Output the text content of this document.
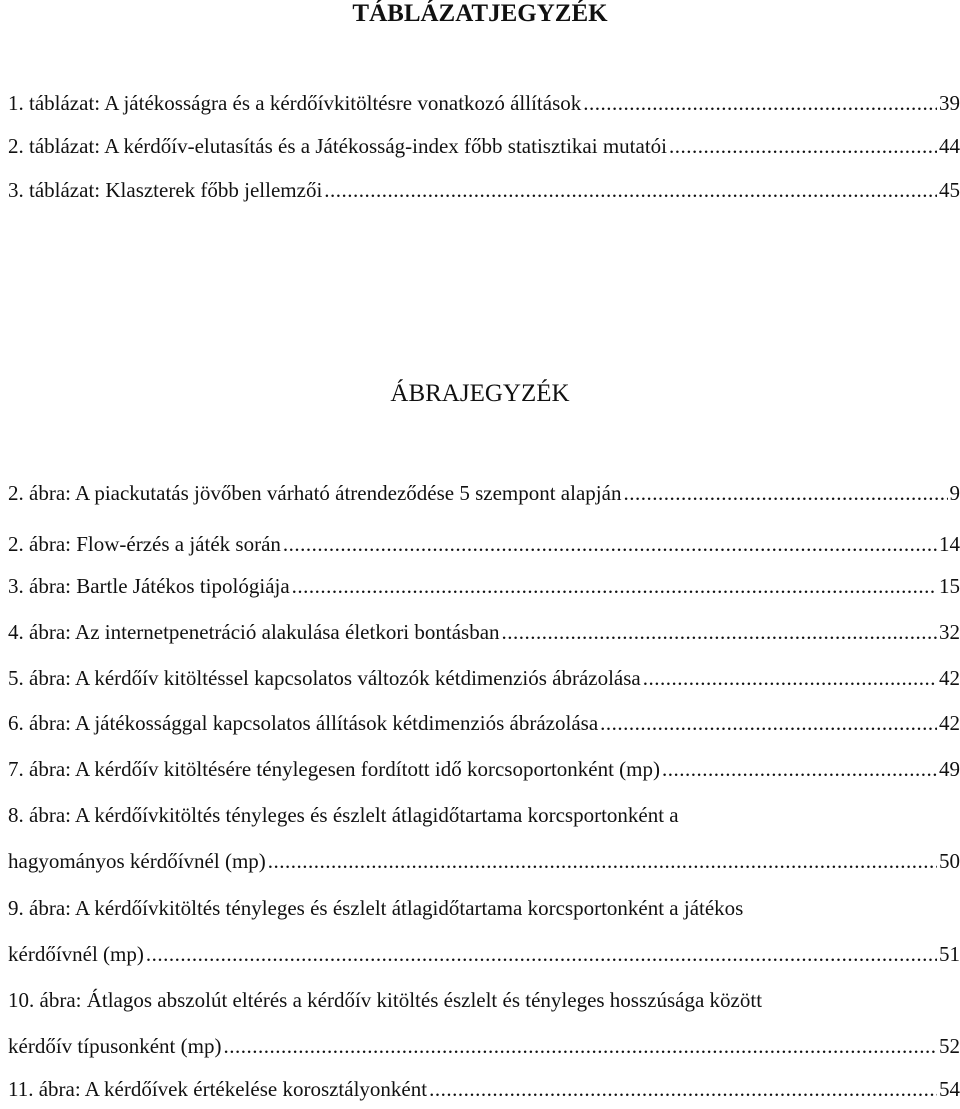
TÁBLÁZATJEGYZÉK
1. táblázat: A játékosságra és a kérdőívkitöltésre vonatkozó állítások .....	39
2. táblázat: A kérdőív-elutasítás és a Játékosság-index főbb statisztikai mutatói .....	44
3. táblázat: Klaszterek főbb jellemzői .....	45
ÁBRAJEGYZÉK
2. ábra: A piackutatás jövőben várható átrendeződése 5 szempont alapján .....	9
2. ábra: Flow-érzés a játék során .....	14
3. ábra: Bartle Játékos tipológiája .....	15
4. ábra: Az internetpenetráció alakulása életkori bontásban .....	32
5. ábra: A kérdőív kitöltéssel kapcsolatos változók kétdimenziós ábrázolása .....	42
6. ábra: A játékossággal kapcsolatos állítások kétdimenziós ábrázolása .....	42
7. ábra: A kérdőív kitöltésére ténylegesen fordított idő korcsoportonként (mp) .....	49
8. ábra: A kérdőívkitöltés tényleges és észlelt átlagidőtartama korcsportonként a
hagyományos kérdőívnél (mp) .....	50
9. ábra: A kérdőívkitöltés tényleges és észlelt átlagidőtartama korcsportonként a játékos
kérdőívnél (mp) .....	51
10. ábra: Átlagos abszolút eltérés a kérdőív kitöltés észlelt és tényleges hosszúsága között
kérdőív típusonként (mp) .....	52
11. ábra: A kérdőívek értékelése korosztályonként .....	54
